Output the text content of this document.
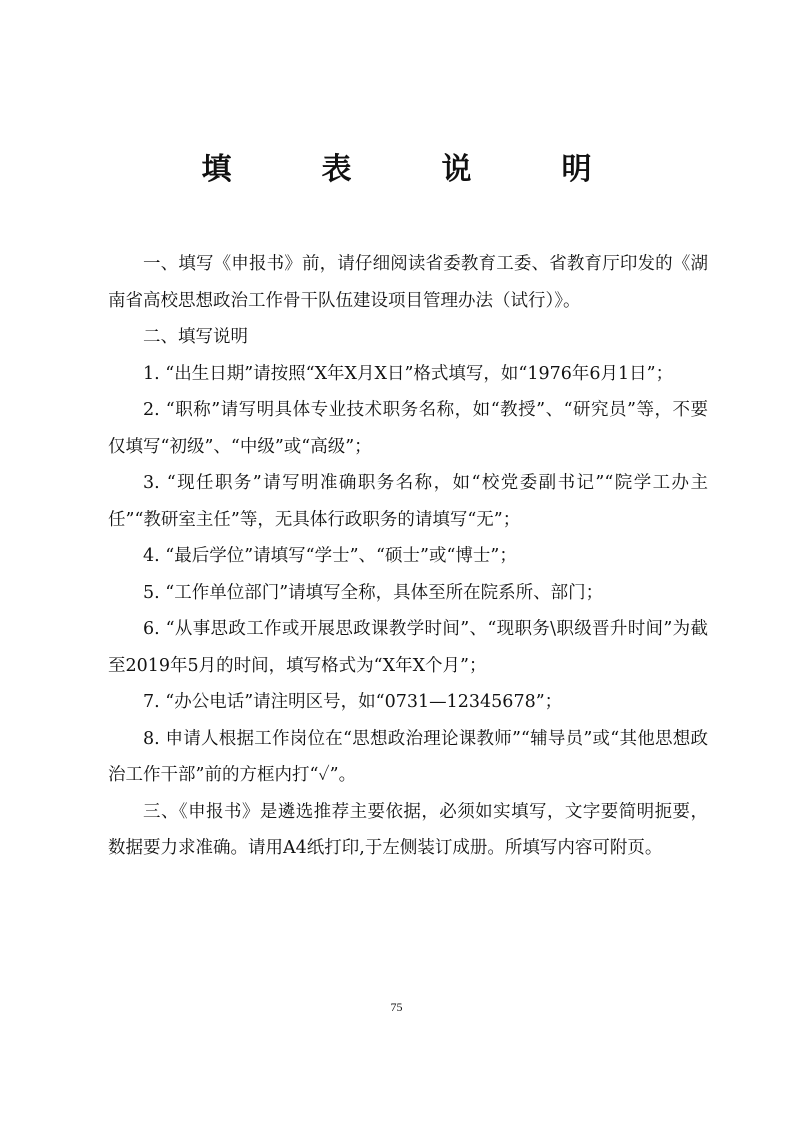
填　表　说　明

一、填写《申报书》前，请仔细阅读省委教育工委、省教育厅印发的《湖南省高校思想政治工作骨干队伍建设项目管理办法（试行）》。

二、填写说明

1. “出生日期”请按照“X年X月X日”格式填写，如“1976年6月1日”；

2. “职称”请写明具体专业技术职务名称，如“教授”、“研究员”等，不要仅填写“初级”、“中级”或“高级”；

3. “现任职务”请写明准确职务名称，如“校党委副书记”“院学工办主任”“教研室主任”等，无具体行政职务的请填写“无”；

4. “最后学位”请填写“学士”、“硕士”或“博士”；

5. “工作单位部门”请填写全称，具体至所在院系所、部门；

6. “从事思政工作或开展思政课教学时间”、“现职务\职级晋升时间”为截至2019年5月的时间，填写格式为“X年X个月”；

7. “办公电话”请注明区号，如“0731—12345678”；

8. 申请人根据工作岗位在“思想政治理论课教师”“辅导员”或“其他思想政治工作干部”前的方框内打“✓”。

三、《申报书》是遴选推荐主要依据，必须如实填写，文字要简明扼要，数据要力求准确。请用A4纸打印,于左侧装订成册。所填写内容可附页。

75
